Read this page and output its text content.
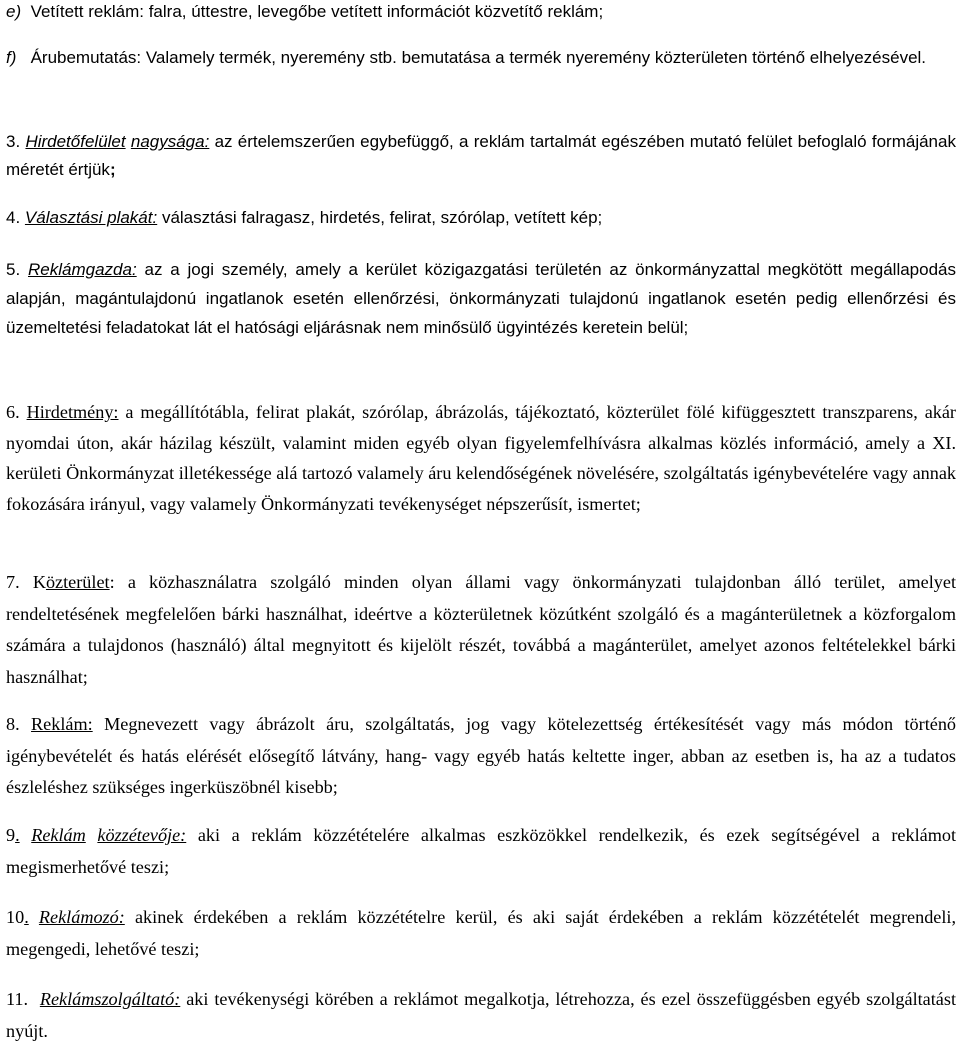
e) Vetített reklám: falra, úttestre, levegőbe vetített információt közvetítő reklám;

f) Árubemutatás: Valamely termék, nyeremény stb. bemutatása a termék nyeremény közterületen történő elhelyezésével.

3. Hirdetőfelület nagysága: az értelemszerűen egybefüggő, a reklám tartalmát egészében mutató felület befoglaló formájának méretét értjük;

4. Választási plakát: választási falragasz, hirdetés, felirat, szórólap, vetített kép;

5. Reklámgazda: az a jogi személy, amely a kerület közigazgatási területén az önkormányzattal megkötött megállapodás alapján, magántulajdonú ingatlanok esetén ellenőrzési, önkormányzati tulajdonú ingatlanok esetén pedig ellenőrzési és üzemeltetési feladatokat lát el hatósági eljárásnak nem minősülő ügyintézés keretein belül;

6. Hirdetmény: a megállítótábla, felirat plakát, szórólap, ábrázolás, tájékoztató, közterület fölé kifüggesztett transzparens, akár nyomdai úton, akár házilag készült, valamint miden egyéb olyan figyelemfelhívásra alkalmas közlés információ, amely a XI. kerületi Önkormányzat illetékessége alá tartozó valamely áru kelendőségének növelésére, szolgáltatás igénybevételére vagy annak fokozására irányul, vagy valamely Önkormányzati tevékenységet népszerűsít, ismertet;

7. Közterület: a közhasználatra szolgáló minden olyan állami vagy önkormányzati tulajdonban álló terület, amelyet rendeltetésének megfelelően bárki használhat, ideértve a közterületnek közútként szolgáló és a magánterületnek a közforgalom számára a tulajdonos (használó) által megnyitott és kijelölt részét, továbbá a magánterület, amelyet azonos feltételekkel bárki használhat;

8. Reklám: Megnevezett vagy ábrázolt áru, szolgáltatás, jog vagy kötelezettség értékesítését vagy más módon történő igénybevételét és hatás elérését elősegítő látvány, hang- vagy egyéb hatás keltette inger, abban az esetben is, ha az a tudatos észleléshez szükséges ingerküszöbnél kisebb;

9. Reklám közzétevője: aki a reklám közzétételére alkalmas eszközökkel rendelkezik, és ezek segítségével a reklámot megismerhetővé teszi;

10. Reklámozó: akinek érdekében a reklám közzétételre kerül, és aki saját érdekében a reklám közzétételét megrendeli, megengedi, lehetővé teszi;

11. Reklámszolgáltató: aki tevékenységi körében a reklámot megalkotja, létrehozza, és ezel összefüggésben egyéb szolgáltatást nyújt.
